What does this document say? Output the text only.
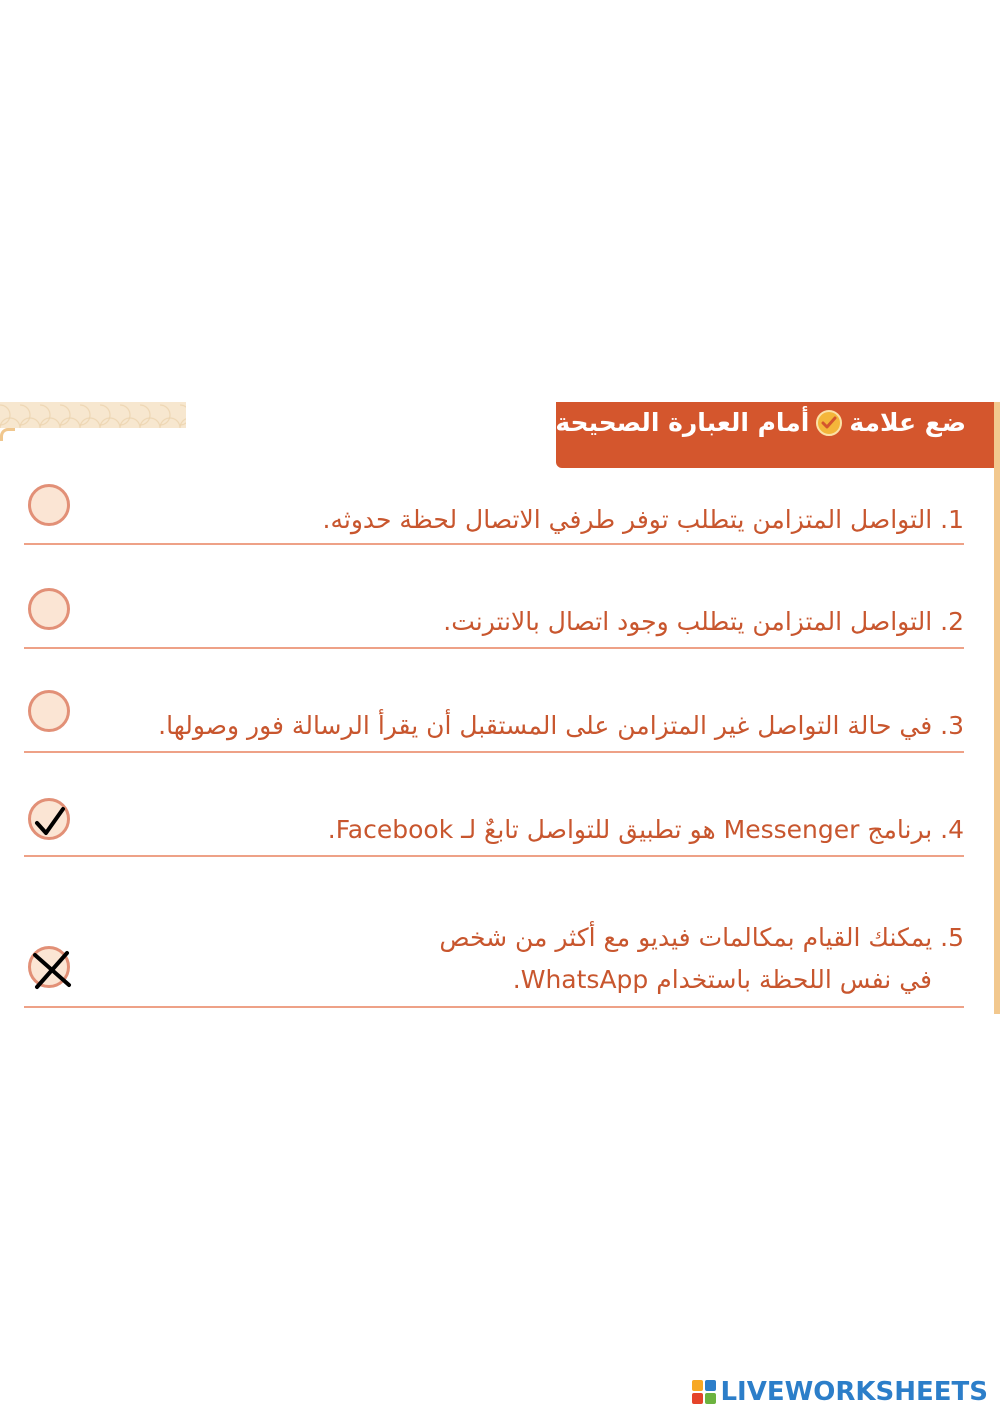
ضع علامة
أمام العبارة الصحيحة
1. التواصل المتزامن يتطلب توفر طرفي الاتصال لحظة حدوثه.
2. التواصل المتزامن يتطلب وجود اتصال بالانترنت.
3. في حالة التواصل غير المتزامن على المستقبل أن يقرأ الرسالة فور وصولها.
4. برنامج Messenger هو تطبيق للتواصل تابعٌ لـ Facebook.
5. يمكنك القيام بمكالمات فيديو مع أكثر من شخص
في نفس اللحظة باستخدام WhatsApp.
LIVEWORKSHEETS
